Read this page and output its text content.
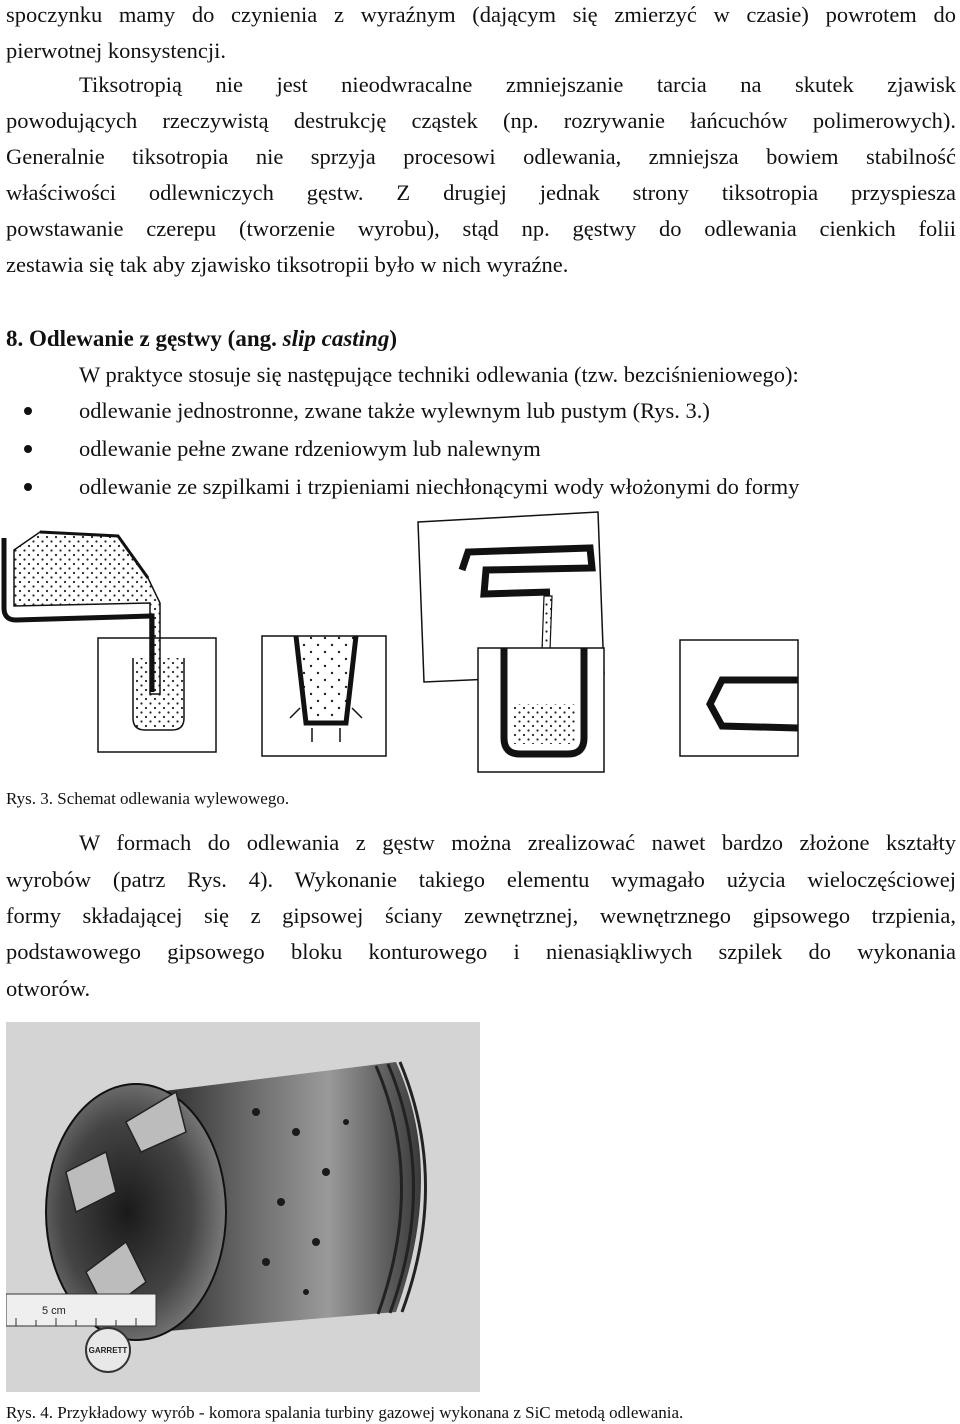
spoczynku mamy do czynienia z wyraźnym (dającym się zmierzyć w czasie) powrotem do
pierwotnej konsystencji.
Tiksotropią nie jest nieodwracalne zmniejszanie tarcia na skutek zjawisk
powodujących rzeczywistą destrukcję cząstek (np. rozrywanie łańcuchów polimerowych).
Generalnie tiksotropia nie sprzyja procesowi odlewania, zmniejsza bowiem stabilność
właściwości odlewniczych gęstw. Z drugiej jednak strony tiksotropia przyspiesza
powstawanie czerepu (tworzenie wyrobu), stąd np. gęstwy do odlewania cienkich folii
zestawia się tak aby zjawisko tiksotropii było w nich wyraźne.
8. Odlewanie z gęstwy (ang. slip casting)
W praktyce stosuje się następujące techniki odlewania (tzw. bezciśnieniowego):
odlewanie jednostronne, zwane także wylewnym lub pustym (Rys. 3.)
odlewanie pełne zwane rdzeniowym lub nalewnym
odlewanie ze szpilkami i trzpieniami niechłonącymi wody włożonymi do formy
Rys. 3. Schemat odlewania wylewowego.
W formach do odlewania z gęstw można zrealizować nawet bardzo złożone kształty
wyrobów (patrz Rys. 4). Wykonanie takiego elementu wymagało użycia wieloczęściowej
formy składającej się z gipsowej ściany zewnętrznej, wewnętrznego gipsowego trzpienia,
podstawowego gipsowego bloku konturowego i nienasiąkliwych szpilek do wykonania
otworów.
5 cm
GARRETT
Rys. 4. Przykładowy wyrób - komora spalania turbiny gazowej wykonana z SiC metodą odlewania.
